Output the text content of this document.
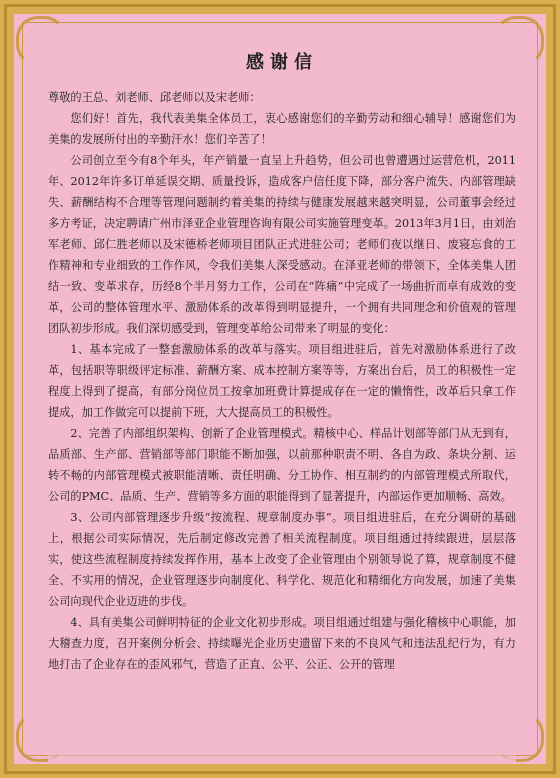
感谢信

尊敬的王总、刘老师、邱老师以及宋老师：

您们好！首先，我代表美集全体员工，衷心感谢您们的辛勤劳动和细心辅导！感谢您们为美集的发展所付出的辛勤汗水！您们辛苦了！

公司创立至今有8个年头，年产销量一直呈上升趋势，但公司也曾遭遇过运营危机，2011年、2012年许多订单延误交期、质量投诉，造成客户信任度下降，部分客户流失、内部管理缺失、薪酬结构不合理等管理问题制约着美集的持续与健康发展越来越突明显，公司董事会经过多方考证，决定聘请广州市泽亚企业管理咨询有限公司实施管理变革。2013年3月1日，由刘治军老师、邱仁胜老师以及宋德桥老师项目团队正式进驻公司；老师们夜以继日、废寝忘食的工作精神和专业细致的工作作风，令我们美集人深受感动。在泽亚老师的带领下，全体美集人团结一致、变革求存，历经8个半月努力工作，公司在“阵痛”中完成了一场曲折而卓有成效的变革，公司的整体管理水平、激励体系的改革得到明显提升，一个拥有共同理念和价值观的管理团队初步形成。我们深切感受到，管理变革给公司带来了明显的变化：

1、基本完成了一整套激励体系的改革与落实。项目组进驻后，首先对激励体系进行了改革，包括职等职级评定标准、薪酬方案、成本控制方案等等，方案出台后，员工的积极性一定程度上得到了提高，有部分岗位员工按拿加班费计算提成存在一定的懒惰性，改革后只拿工作提成，加工作做完可以提前下班，大大提高员工的积极性。

2、完善了内部组织架构、创新了企业管理模式。精核中心、样品计划部等部门从无到有，品质部、生产部、营销部等部门职能不断加强，以前那种职责不明、各自为政、条块分割、运转不畅的内部管理模式被职能清晰、责任明确、分工协作、相互制约的内部管理模式所取代，公司的PMC、品质、生产、营销等多方面的职能得到了显著提升，内部运作更加顺畅、高效。

3、公司内部管理逐步升级“按流程、规章制度办事”。项目组进驻后，在充分调研的基础上，根据公司实际情况，先后制定修改完善了相关流程制度。项目组通过持续跟进，层层落实，使这些流程制度持续发挥作用，基本上改变了企业管理由个别领导说了算，规章制度不健全、不实用的情况，企业管理逐步向制度化、科学化、规范化和精细化方向发展，加速了美集公司向现代企业迈进的步伐。

4、具有美集公司鲜明特征的企业文化初步形成。项目组通过组建与强化稽核中心职能，加大稽查力度，召开案例分析会、持续曝光企业历史遗留下来的不良风气和违法乱纪行为，有力地打击了企业存在的歪风邪气，营造了正直、公平、公正、公开的管理
